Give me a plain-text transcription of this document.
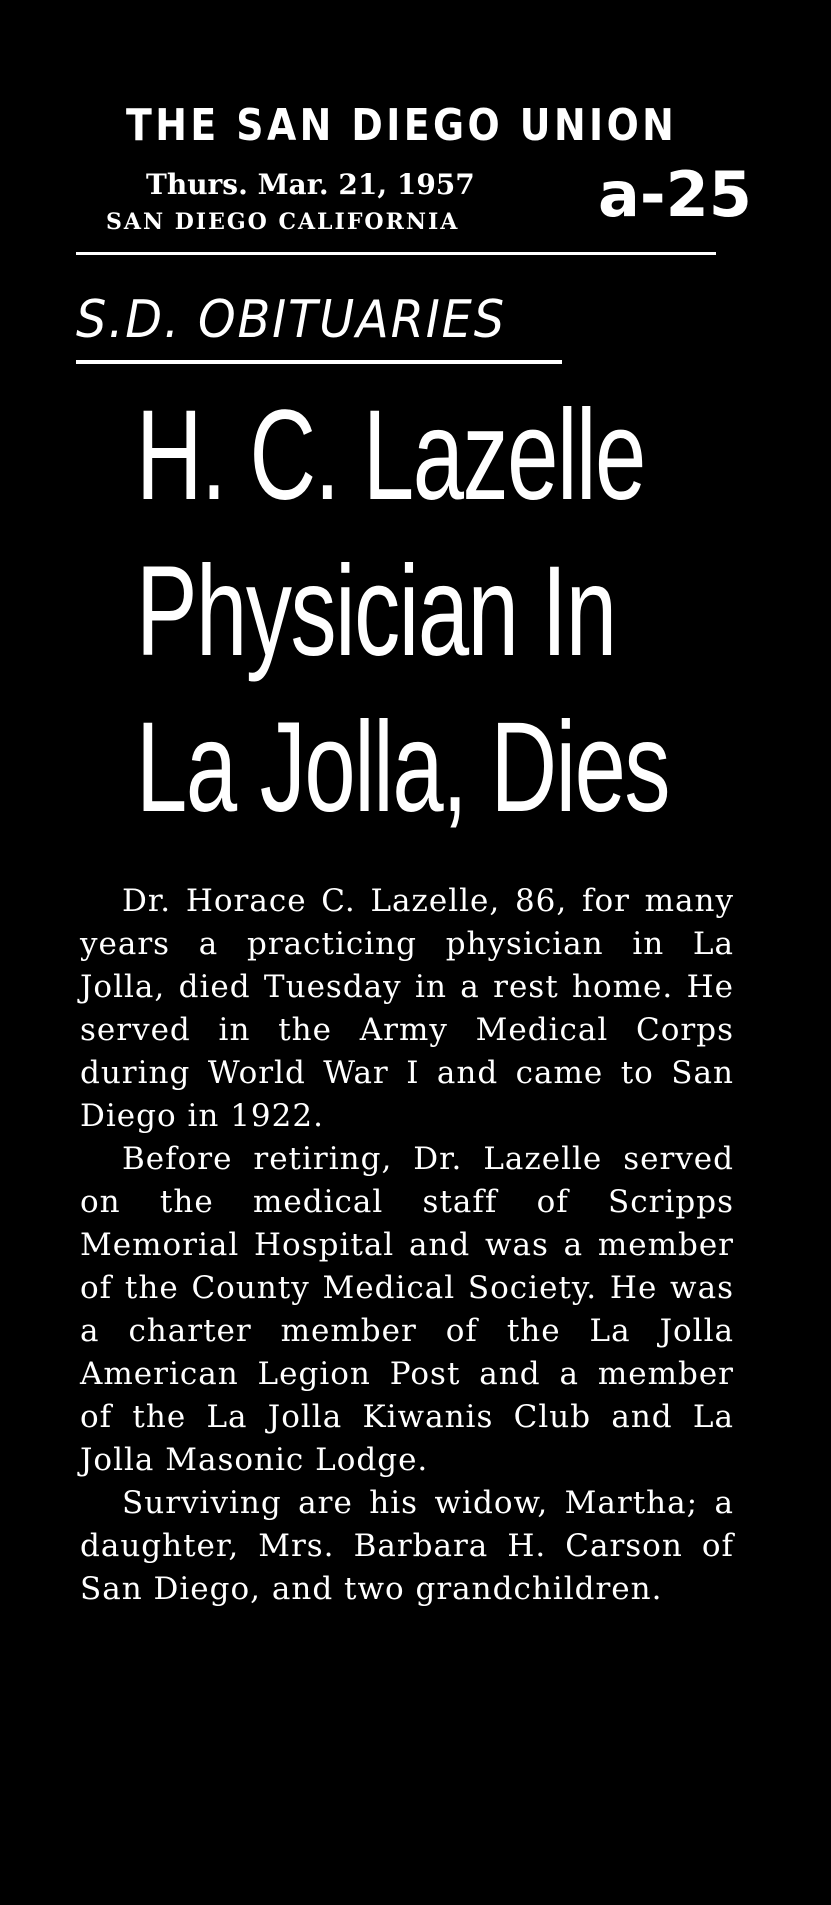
THE SAN DIEGO UNION
Thurs. Mar. 21, 1957
SAN DIEGO CALIFORNIA a-25
S.D. OBITUARIES
H. C. Lazelle
Physician In
La Jolla, Dies

Dr. Horace C. Lazelle, 86, for many years a practicing physician in La Jolla, died Tuesday in a rest home. He served in the Army Medical Corps during World War I and came to San Diego in 1922.

Before retiring, Dr. Lazelle served on the medical staff of Scripps Memorial Hospital and was a member of the County Medical Society. He was a charter member of the La Jolla American Legion Post and a member of the La Jolla Kiwanis Club and La Jolla Masonic Lodge.

Surviving are his widow, Martha; a daughter, Mrs. Barbara H. Carson of San Diego, and two grandchildren.
